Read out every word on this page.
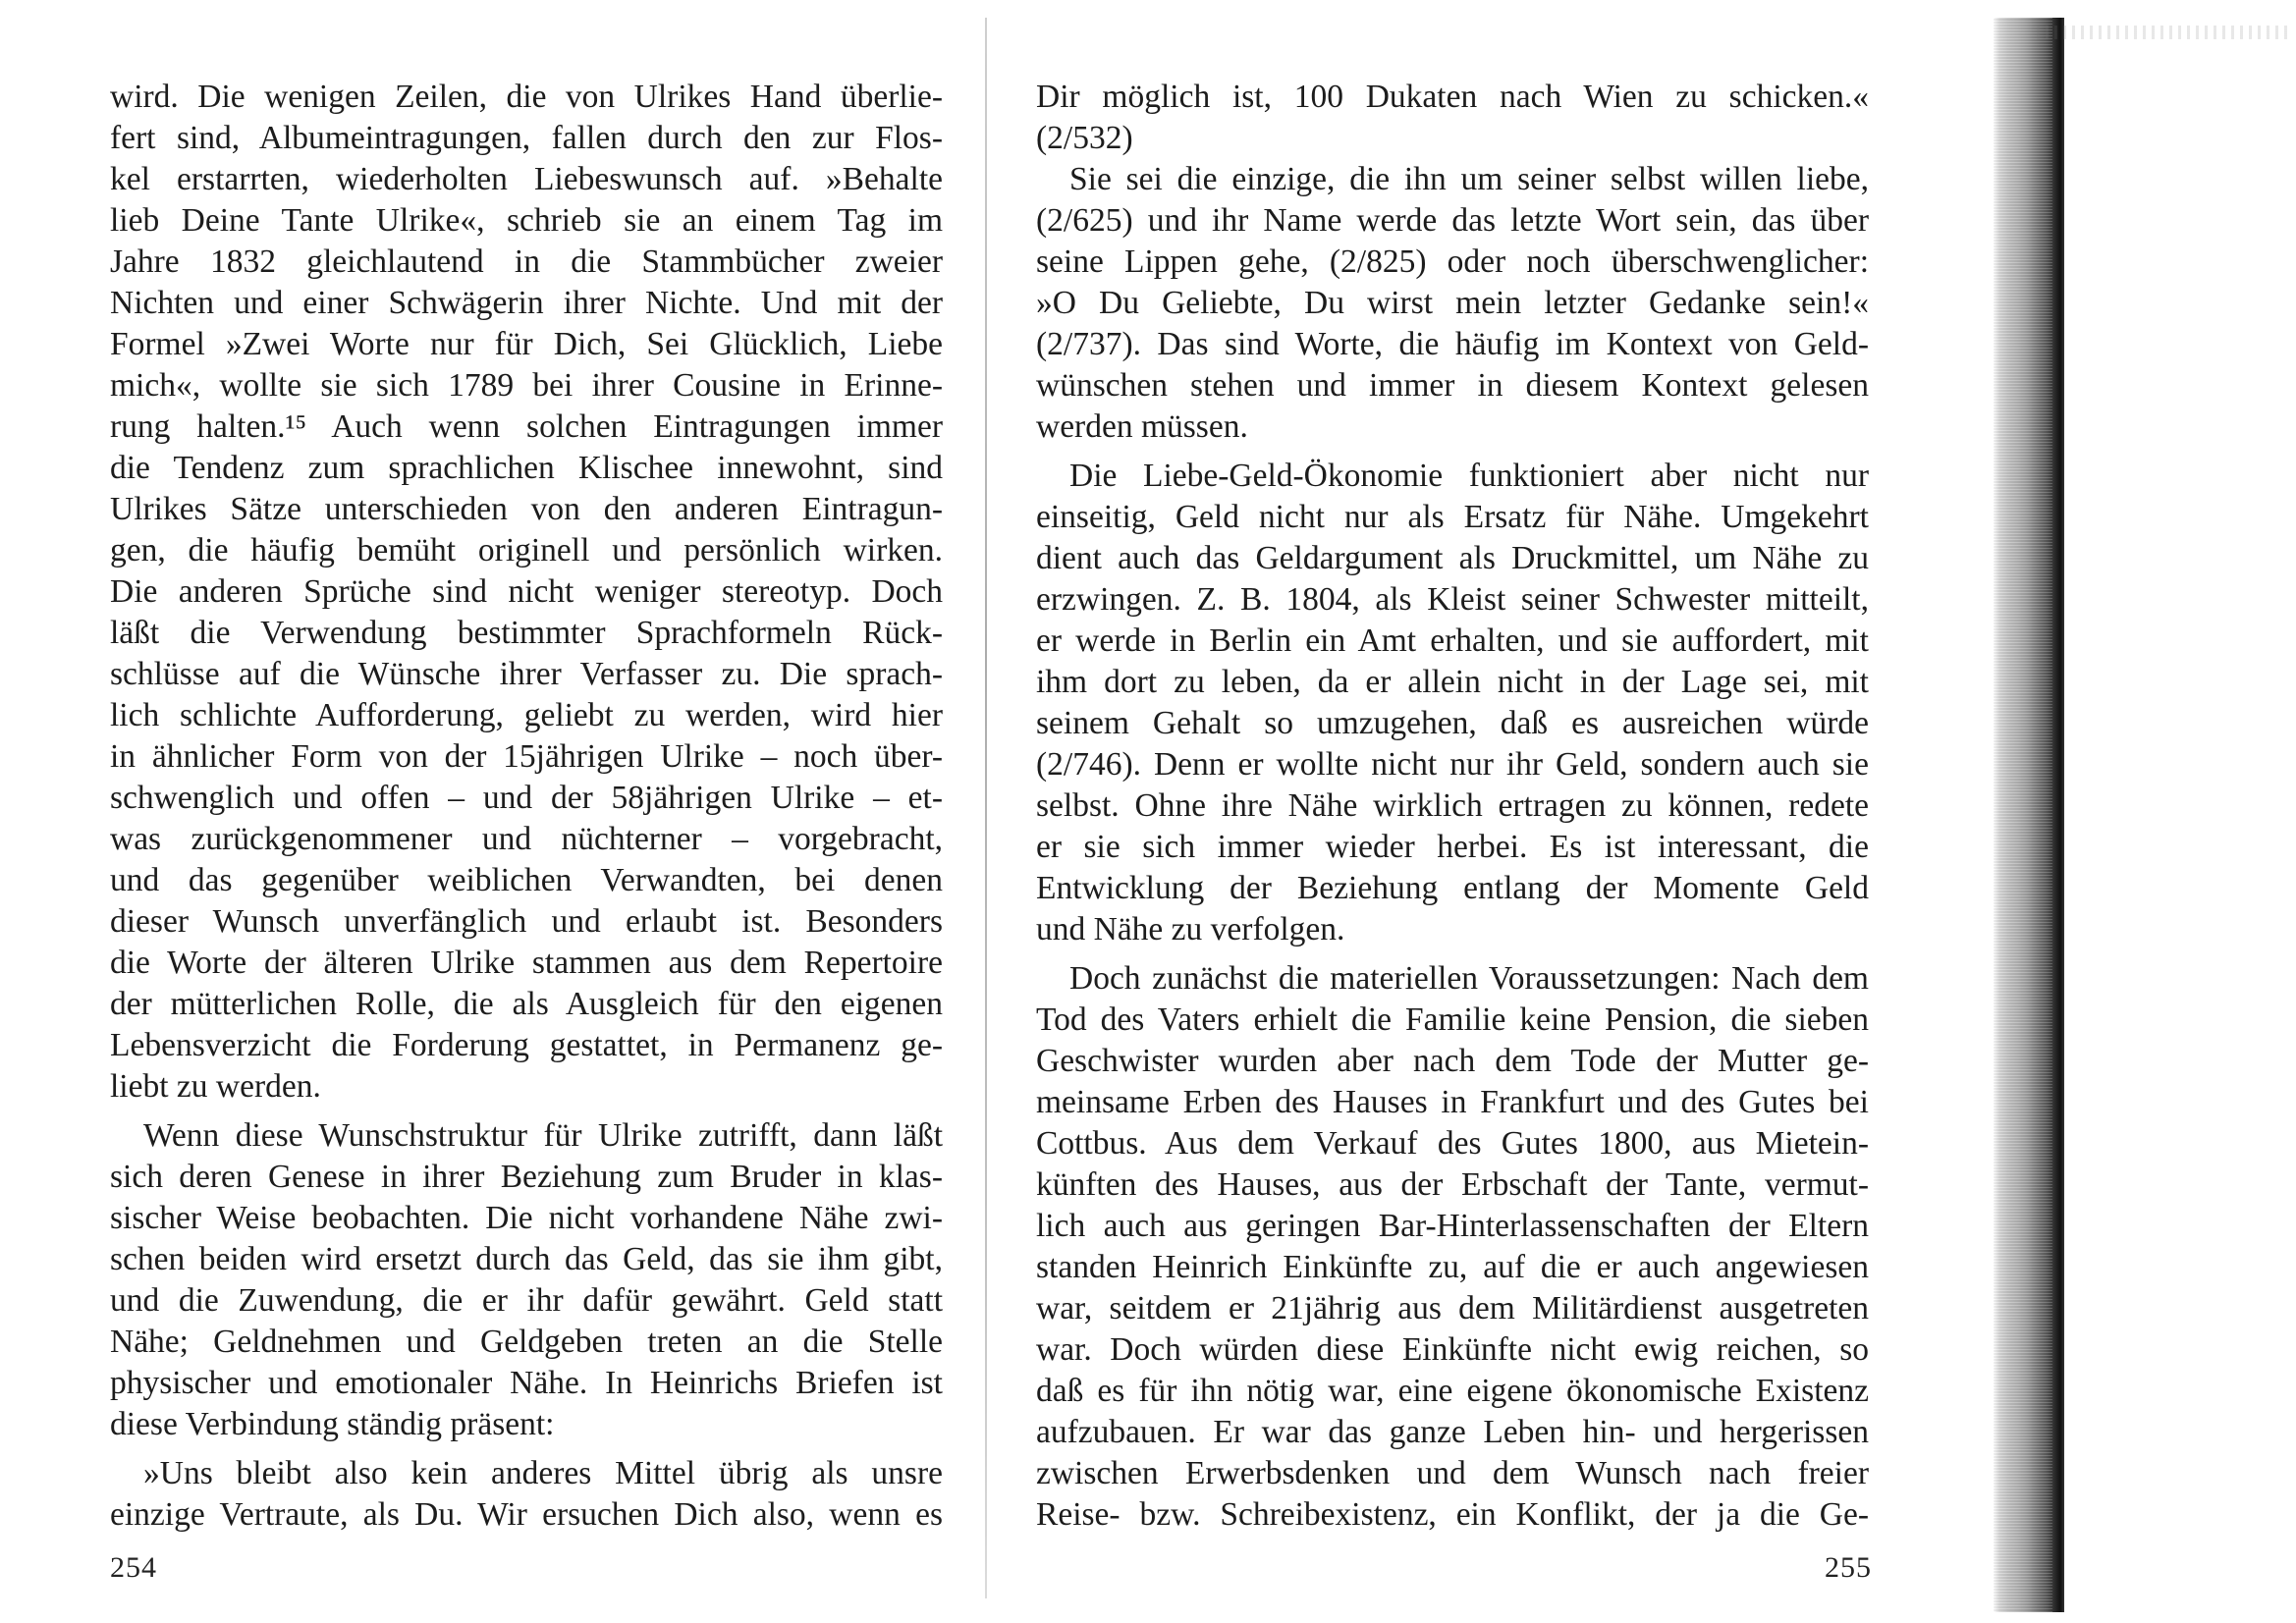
wird. Die wenigen Zeilen, die von Ulrikes Hand überlie-
fert sind, Albumeintragungen, fallen durch den zur Flos-
kel erstarrten, wiederholten Liebeswunsch auf. »Behalte
lieb Deine Tante Ulrike«, schrieb sie an einem Tag im
Jahre 1832 gleichlautend in die Stammbücher zweier
Nichten und einer Schwägerin ihrer Nichte. Und mit der
Formel »Zwei Worte nur für Dich, Sei Glücklich, Liebe
mich«, wollte sie sich 1789 bei ihrer Cousine in Erinne-
rung halten.¹⁵ Auch wenn solchen Eintragungen immer
die Tendenz zum sprachlichen Klischee innewohnt, sind
Ulrikes Sätze unterschieden von den anderen Eintragun-
gen, die häufig bemüht originell und persönlich wirken.
Die anderen Sprüche sind nicht weniger stereotyp. Doch
läßt die Verwendung bestimmter Sprachformeln Rück-
schlüsse auf die Wünsche ihrer Verfasser zu. Die sprach-
lich schlichte Aufforderung, geliebt zu werden, wird hier
in ähnlicher Form von der 15jährigen Ulrike – noch über-
schwenglich und offen – und der 58jährigen Ulrike – et-
was zurückgenommener und nüchterner – vorgebracht,
und das gegenüber weiblichen Verwandten, bei denen
dieser Wunsch unverfänglich und erlaubt ist. Besonders
die Worte der älteren Ulrike stammen aus dem Repertoire
der mütterlichen Rolle, die als Ausgleich für den eigenen
Lebensverzicht die Forderung gestattet, in Permanenz ge-
liebt zu werden.
Wenn diese Wunschstruktur für Ulrike zutrifft, dann läßt
sich deren Genese in ihrer Beziehung zum Bruder in klas-
sischer Weise beobachten. Die nicht vorhandene Nähe zwi-
schen beiden wird ersetzt durch das Geld, das sie ihm gibt,
und die Zuwendung, die er ihr dafür gewährt. Geld statt
Nähe; Geldnehmen und Geldgeben treten an die Stelle
physischer und emotionaler Nähe. In Heinrichs Briefen ist
diese Verbindung ständig präsent:
»Uns bleibt also kein anderes Mittel übrig als unsre
einzige Vertraute, als Du. Wir ersuchen Dich also, wenn es
254
Dir möglich ist, 100 Dukaten nach Wien zu schicken.«
(2/532)
Sie sei die einzige, die ihn um seiner selbst willen liebe,
(2/625) und ihr Name werde das letzte Wort sein, das über
seine Lippen gehe, (2/825) oder noch überschwenglicher:
»O Du Geliebte, Du wirst mein letzter Gedanke sein!«
(2/737). Das sind Worte, die häufig im Kontext von Geld-
wünschen stehen und immer in diesem Kontext gelesen
werden müssen.
Die Liebe-Geld-Ökonomie funktioniert aber nicht nur
einseitig, Geld nicht nur als Ersatz für Nähe. Umgekehrt
dient auch das Geldargument als Druckmittel, um Nähe zu
erzwingen. Z. B. 1804, als Kleist seiner Schwester mitteilt,
er werde in Berlin ein Amt erhalten, und sie auffordert, mit
ihm dort zu leben, da er allein nicht in der Lage sei, mit
seinem Gehalt so umzugehen, daß es ausreichen würde
(2/746). Denn er wollte nicht nur ihr Geld, sondern auch sie
selbst. Ohne ihre Nähe wirklich ertragen zu können, redete
er sie sich immer wieder herbei. Es ist interessant, die
Entwicklung der Beziehung entlang der Momente Geld
und Nähe zu verfolgen.
Doch zunächst die materiellen Voraussetzungen: Nach dem
Tod des Vaters erhielt die Familie keine Pension, die sieben
Geschwister wurden aber nach dem Tode der Mutter ge-
meinsame Erben des Hauses in Frankfurt und des Gutes bei
Cottbus. Aus dem Verkauf des Gutes 1800, aus Mietein-
künften des Hauses, aus der Erbschaft der Tante, vermut-
lich auch aus geringen Bar-Hinterlassenschaften der Eltern
standen Heinrich Einkünfte zu, auf die er auch angewiesen
war, seitdem er 21jährig aus dem Militärdienst ausgetreten
war. Doch würden diese Einkünfte nicht ewig reichen, so
daß es für ihn nötig war, eine eigene ökonomische Existenz
aufzubauen. Er war das ganze Leben hin- und hergerissen
zwischen Erwerbsdenken und dem Wunsch nach freier
Reise- bzw. Schreibexistenz, ein Konflikt, der ja die Ge-
255
